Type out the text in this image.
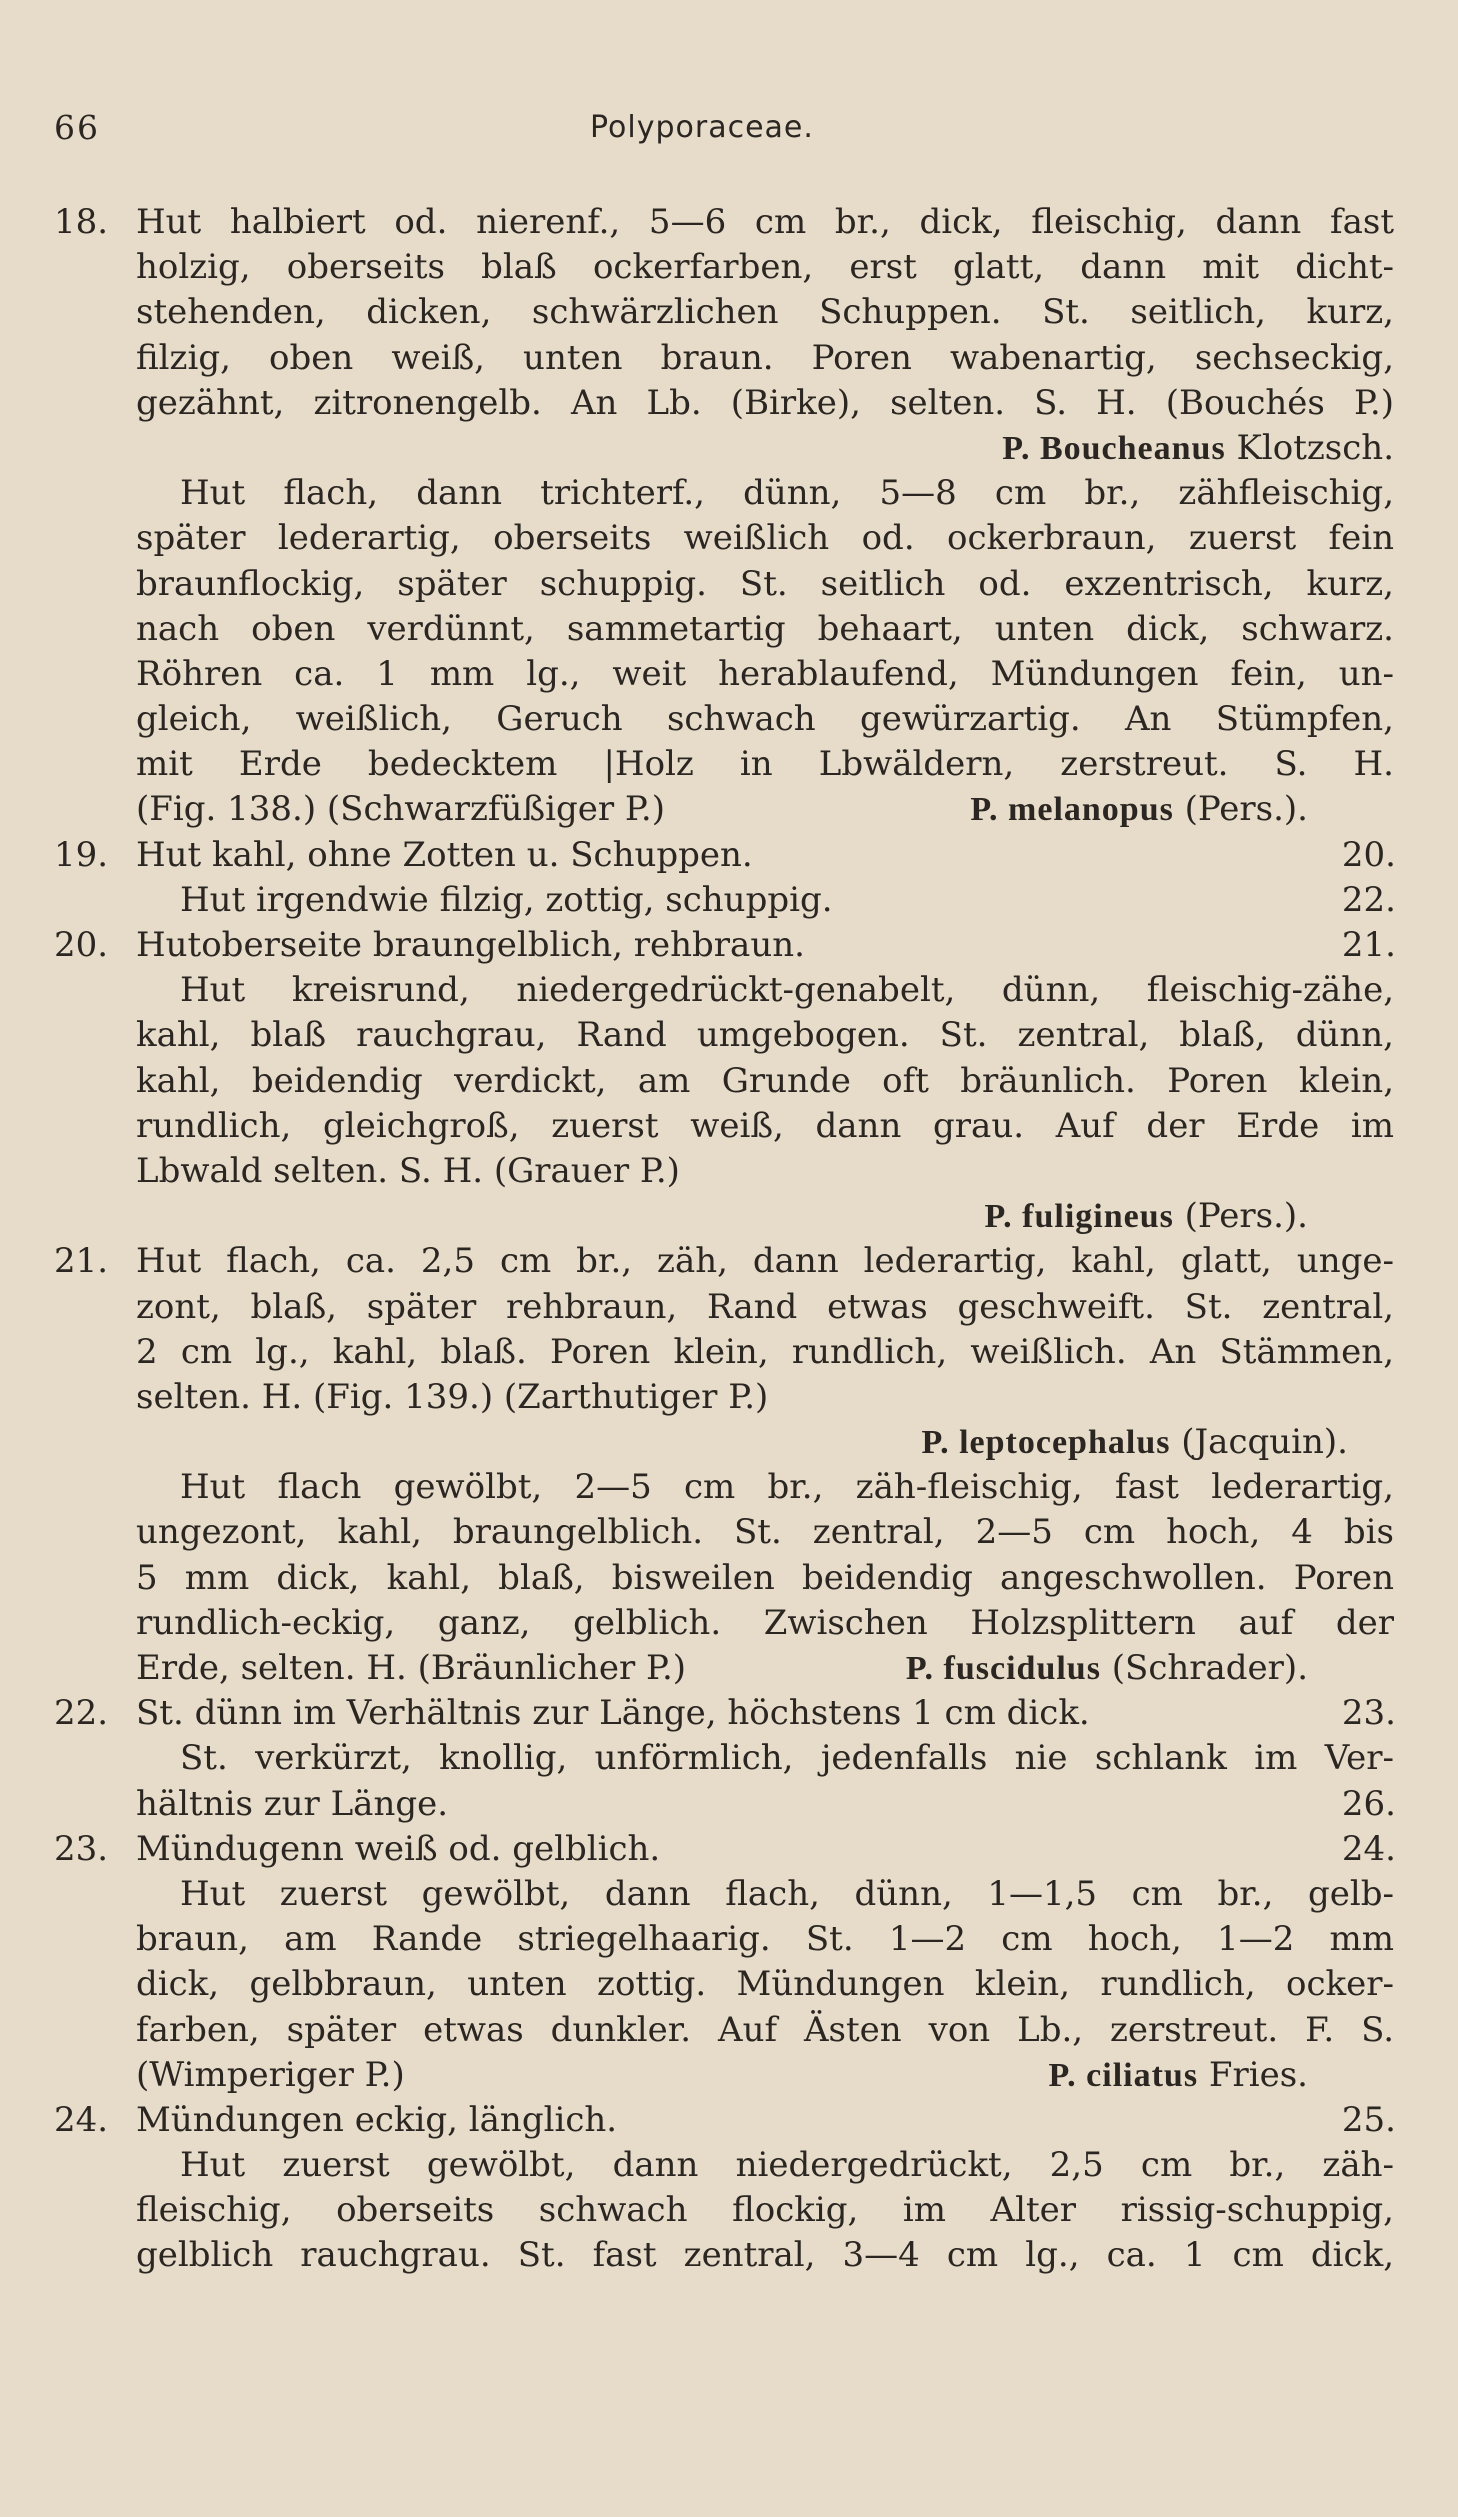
66	Polyporaceae.
18. Hut halbiert od. nierenf., 5—6 cm br., dick, fleischig, dann fast
holzig, oberseits blaß ockerfarben, erst glatt, dann mit dicht-
stehenden, dicken, schwärzlichen Schuppen. St. seitlich, kurz,
filzig, oben weiß, unten braun. Poren wabenartig, sechseckig,
gezähnt, zitronengelb. An Lb. (Birke), selten. S. H. (Bouchés P.)
P. Boucheanus Klotzsch.
Hut flach, dann trichterf., dünn, 5—8 cm br., zähfleischig,
später lederartig, oberseits weißlich od. ockerbraun, zuerst fein
braunflockig, später schuppig. St. seitlich od. exzentrisch, kurz,
nach oben verdünnt, sammetartig behaart, unten dick, schwarz.
Röhren ca. 1 mm lg., weit herablaufend, Mündungen fein, un-
gleich, weißlich, Geruch schwach gewürzartig. An Stümpfen,
mit Erde bedecktem |Holz in Lbwäldern, zerstreut. S. H.
(Fig. 138.) (Schwarzfüßiger P.)	P. melanopus (Pers.).
19. Hut kahl, ohne Zotten u. Schuppen.	20.
Hut irgendwie filzig, zottig, schuppig.	22.
20. Hutoberseite braungelblich, rehbraun.	21.
Hut kreisrund, niedergedrückt-genabelt, dünn, fleischig-zähe,
kahl, blaß rauchgrau, Rand umgebogen. St. zentral, blaß, dünn,
kahl, beidendig verdickt, am Grunde oft bräunlich. Poren klein,
rundlich, gleichgroß, zuerst weiß, dann grau. Auf der Erde im
Lbwald selten. S. H. (Grauer P.)
P. fuligineus (Pers.).
21. Hut flach, ca. 2,5 cm br., zäh, dann lederartig, kahl, glatt, unge-
zont, blaß, später rehbraun, Rand etwas geschweift. St. zentral,
2 cm lg., kahl, blaß. Poren klein, rundlich, weißlich. An Stämmen,
selten. H. (Fig. 139.) (Zarthutiger P.)
P. leptocephalus (Jacquin).
Hut flach gewölbt, 2—5 cm br., zäh-fleischig, fast lederartig,
ungezont, kahl, braungelblich. St. zentral, 2—5 cm hoch, 4 bis
5 mm dick, kahl, blaß, bisweilen beidendig angeschwollen. Poren
rundlich-eckig, ganz, gelblich. Zwischen Holzsplittern auf der
Erde, selten. H. (Bräunlicher P.)	P. fuscidulus (Schrader).
22. St. dünn im Verhältnis zur Länge, höchstens 1 cm dick.	23.
St. verkürzt, knollig, unförmlich, jedenfalls nie schlank im Ver-
hältnis zur Länge.	26.
23. Mündugenn weiß od. gelblich.	24.
Hut zuerst gewölbt, dann flach, dünn, 1—1,5 cm br., gelb-
braun, am Rande striegelhaarig. St. 1—2 cm hoch, 1—2 mm
dick, gelbbraun, unten zottig. Mündungen klein, rundlich, ocker-
farben, später etwas dunkler. Auf Ästen von Lb., zerstreut. F. S.
(Wimperiger P.)	P. ciliatus Fries.
24. Mündungen eckig, länglich.	25.
Hut zuerst gewölbt, dann niedergedrückt, 2,5 cm br., zäh-
fleischig, oberseits schwach flockig, im Alter rissig-schuppig,
gelblich rauchgrau. St. fast zentral, 3—4 cm lg., ca. 1 cm dick,
